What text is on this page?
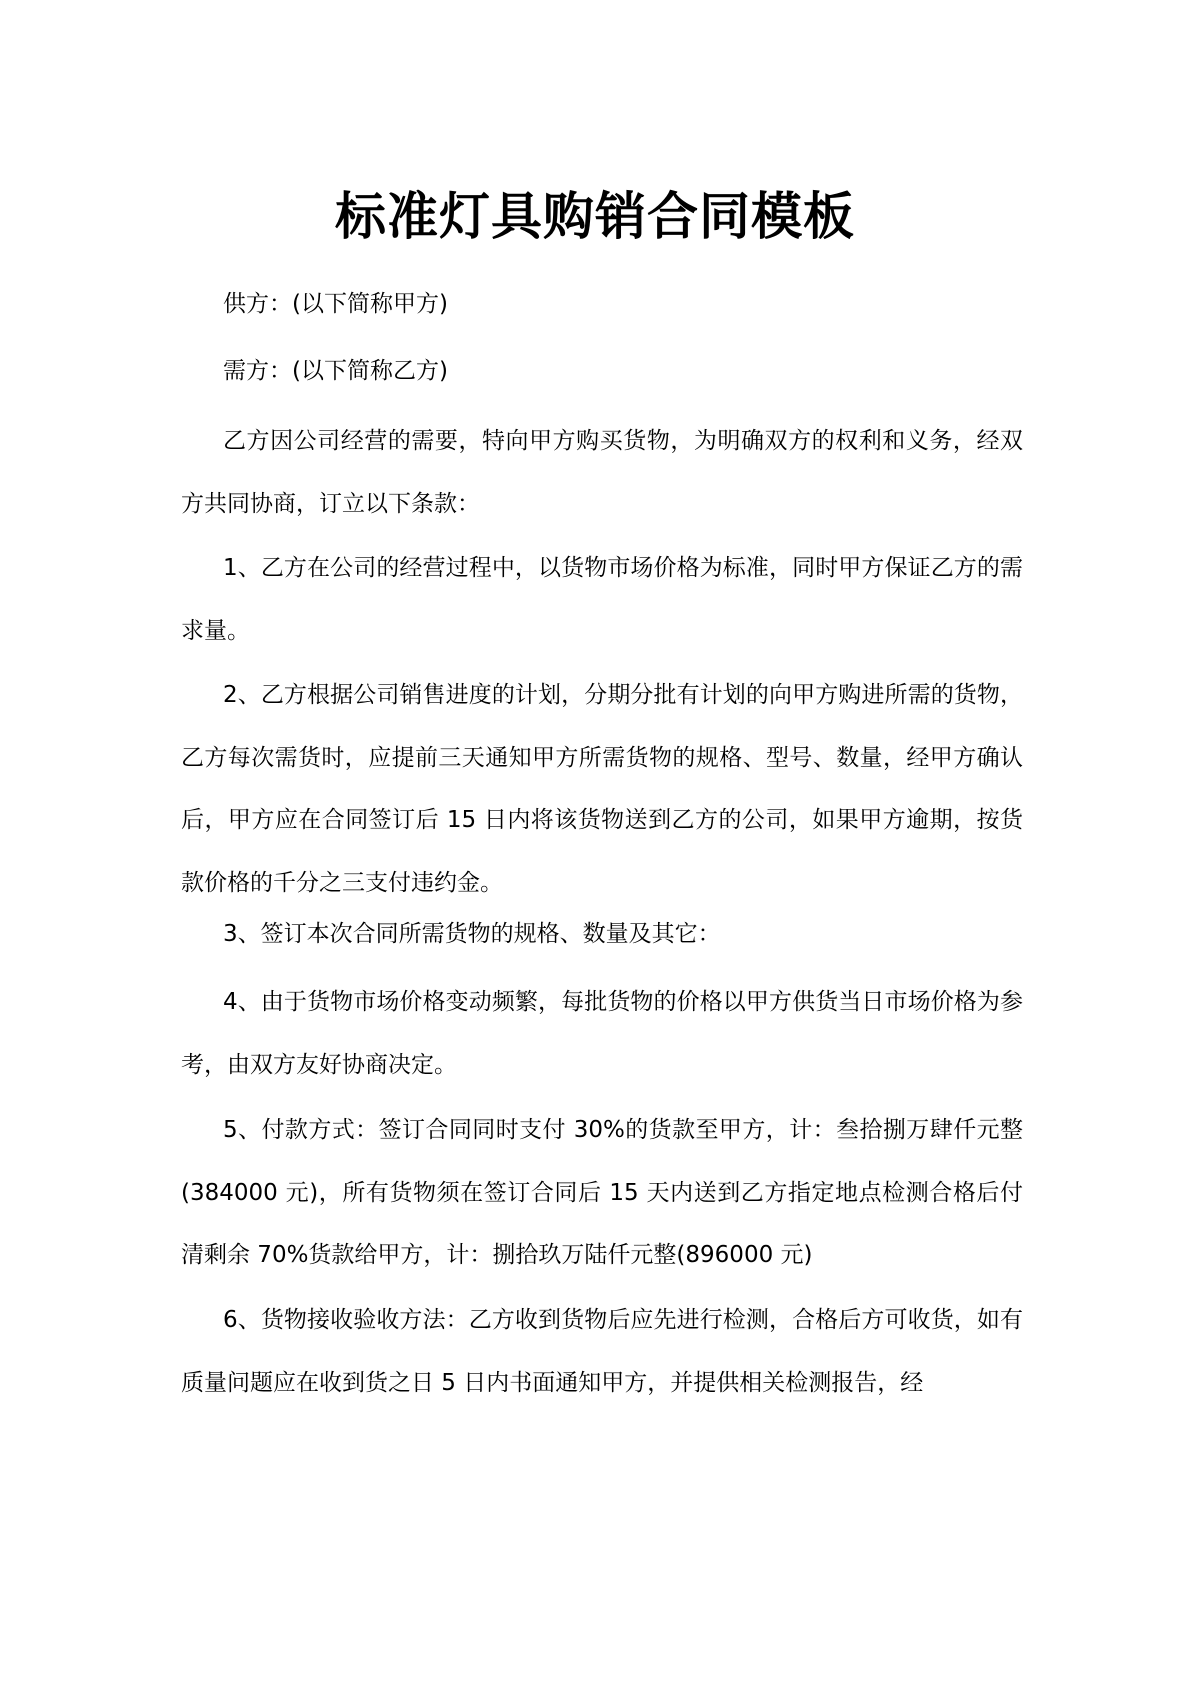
标准灯具购销合同模板

供方：(以下简称甲方)

需方：(以下简称乙方)

乙方因公司经营的需要，特向甲方购买货物，为明确双方的权利和义务，经双方共同协商，订立以下条款：

1、乙方在公司的经营过程中，以货物市场价格为标准，同时甲方保证乙方的需求量。

2、乙方根据公司销售进度的计划，分期分批有计划的向甲方购进所需的货物，乙方每次需货时，应提前三天通知甲方所需货物的规格、型号、数量，经甲方确认后，甲方应在合同签订后 15 日内将该货物送到乙方的公司，如果甲方逾期，按货款价格的千分之三支付违约金。

3、签订本次合同所需货物的规格、数量及其它：

4、由于货物市场价格变动频繁，每批货物的价格以甲方供货当日市场价格为参考，由双方友好协商决定。

5、付款方式：签订合同同时支付 30%的货款至甲方，计：叁拾捌万肆仟元整(384000 元)，所有货物须在签订合同后 15 天内送到乙方指定地点检测合格后付清剩余 70%货款给甲方，计：捌拾玖万陆仟元整(896000 元)

6、货物接收验收方法：乙方收到货物后应先进行检测，合格后方可收货，如有质量问题应在收到货之日 5 日内书面通知甲方，并提供相关检测报告，经
